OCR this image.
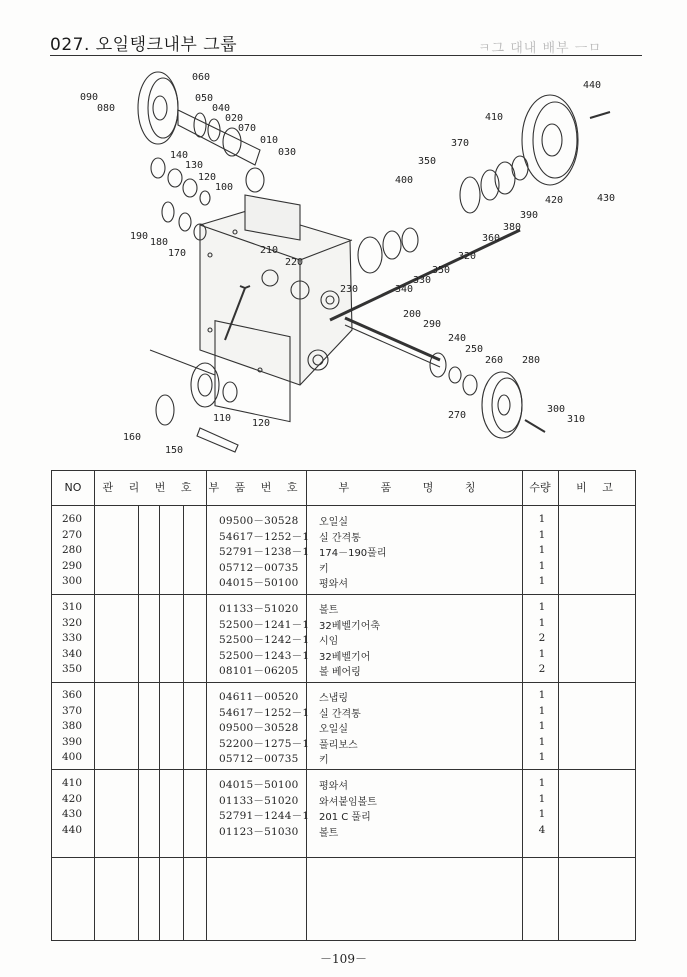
027. 오일탱크내부 그룹	ㅋ그 대내 배부 ㅡㅁ
060
090
080
050
040
020
070
010
030
140
130
120
100
190
180
170	210
220
230
200
290
240
250
260 280
270
300
310
110 120
160
150
410
440
370
350
400
420	430
390
380
360
320
350
330
340
NO	관 리 번 호	부 품 번 호	부 품 명 칭	수량	비 고
260	09500－30528 오일실	1
270	54617－1252－1 실 간격통	1
280	52791－1238－1 174－190풀리	1
290	05712－00735 키	1
300	04015－50100 평와셔	1
310	01133－51020 볼트	1
320	52500－1241－1 32베벨기어축	1
330	52500－1242－1 시임	2
340	52500－1243－1 32베벨기어	1
350	08101－06205 볼 베어링	2
360	04611－00520 스냅링	1
370	54617－1252－1 실 간격통	1
380	09500－30528 오일실	1
390	52200－1275－1 풀리보스	1
400	05712－00735 키	1
410	04015－50100 평와셔	1
420	01133－51020 와셔붙임볼트	1
430	52791－1244－1 201 C 풀리	1
440	01123－51030 볼트	4
－109－
